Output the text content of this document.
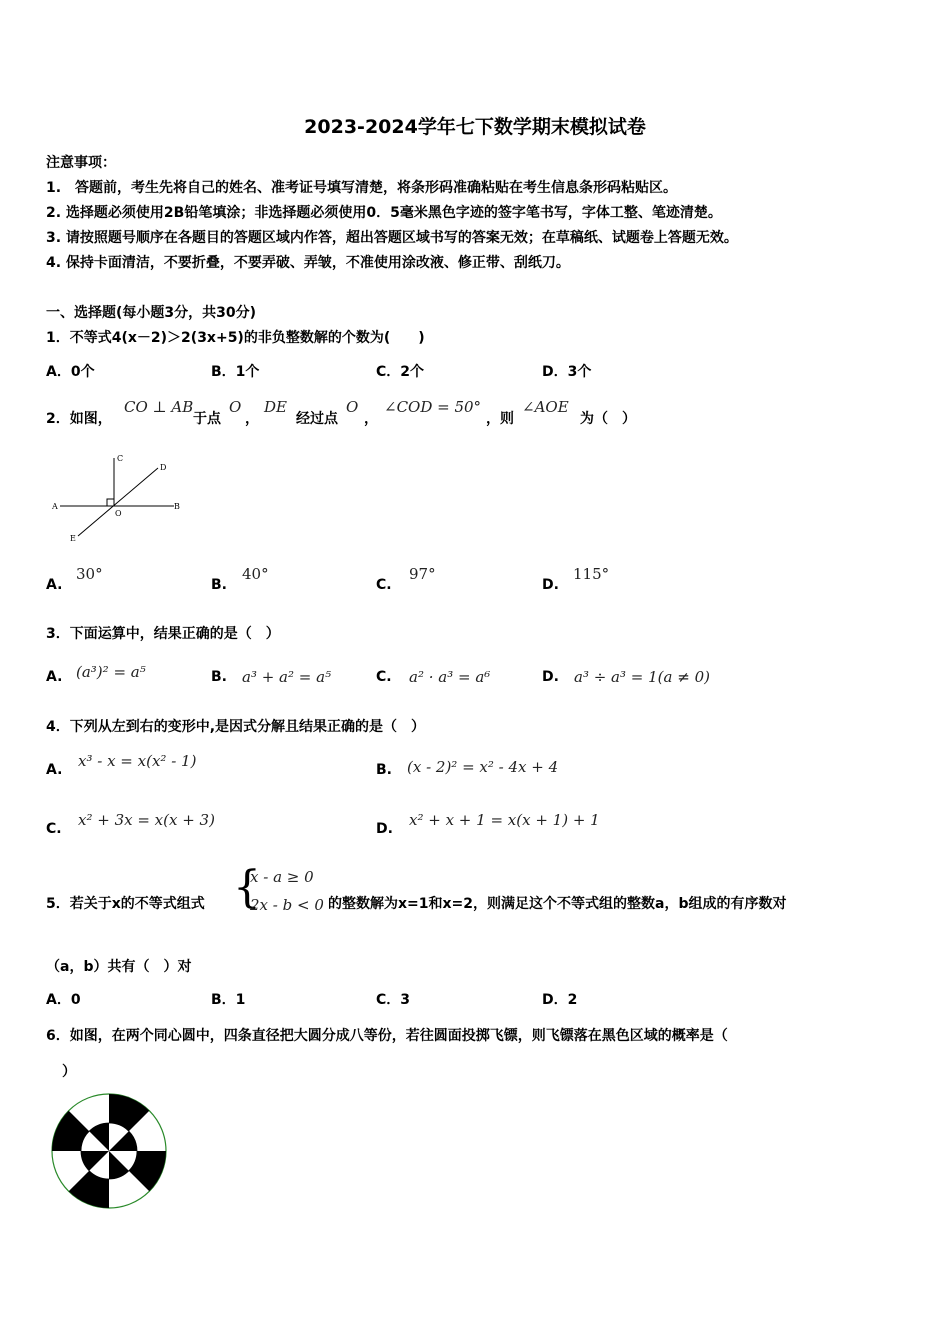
2023-2024学年七下数学期末模拟试卷
注意事项：
1.　答题前，考生先将自己的姓名、准考证号填写清楚，将条形码准确粘贴在考生信息条形码粘贴区。
2. 选择题必须使用2B铅笔填涂；非选择题必须使用0．5毫米黑色字迹的签字笔书写，字体工整、笔迹清楚。
3. 请按照题号顺序在各题目的答题区域内作答，超出答题区域书写的答案无效；在草稿纸、试题卷上答题无效。
4. 保持卡面清洁，不要折叠，不要弄破、弄皱，不准使用涂改液、修正带、刮纸刀。
一、选择题(每小题3分，共30分)
1．不等式4(x－2)＞2(3x+5)的非负整数解的个数为(　　)
A．0个	B．1个	C．2个	D．3个
2．如图，
CO ⊥ AB
于点
O
，
DE
经过点
O
，
∠COD = 50°
，则
∠AOE
为（　）
A	B
C
D
E
O
A.
30°
B.
40°
C.
97°
D.
115°
3．下面运算中，结果正确的是（　）
A. (a³)² = a⁵	B. a³ + a² = a⁵	C. a² · a³ = a⁶	D. a³ ÷ a³ = 1(a ≠ 0)
4．下列从左到右的变形中,是因式分解且结果正确的是（　）
A. x³ - x = x(x² - 1)	B. (x - 2)² = x² - 4x + 4
C. x² + 3x = x(x + 3)	D. x² + x + 1 = x(x + 1) + 1
5．若关于x的不等式组式 {
x - a ≥ 0
2x - b < 0 的整数解为x=1和x=2，则满足这个不等式组的整数a，b组成的有序数对
（a，b）共有（　）对
A．0	B．1	C．3	D．2
6．如图，在两个同心圆中，四条直径把大圆分成八等份，若往圆面投掷飞镖，则飞镖落在黑色区域的概率是（
）
